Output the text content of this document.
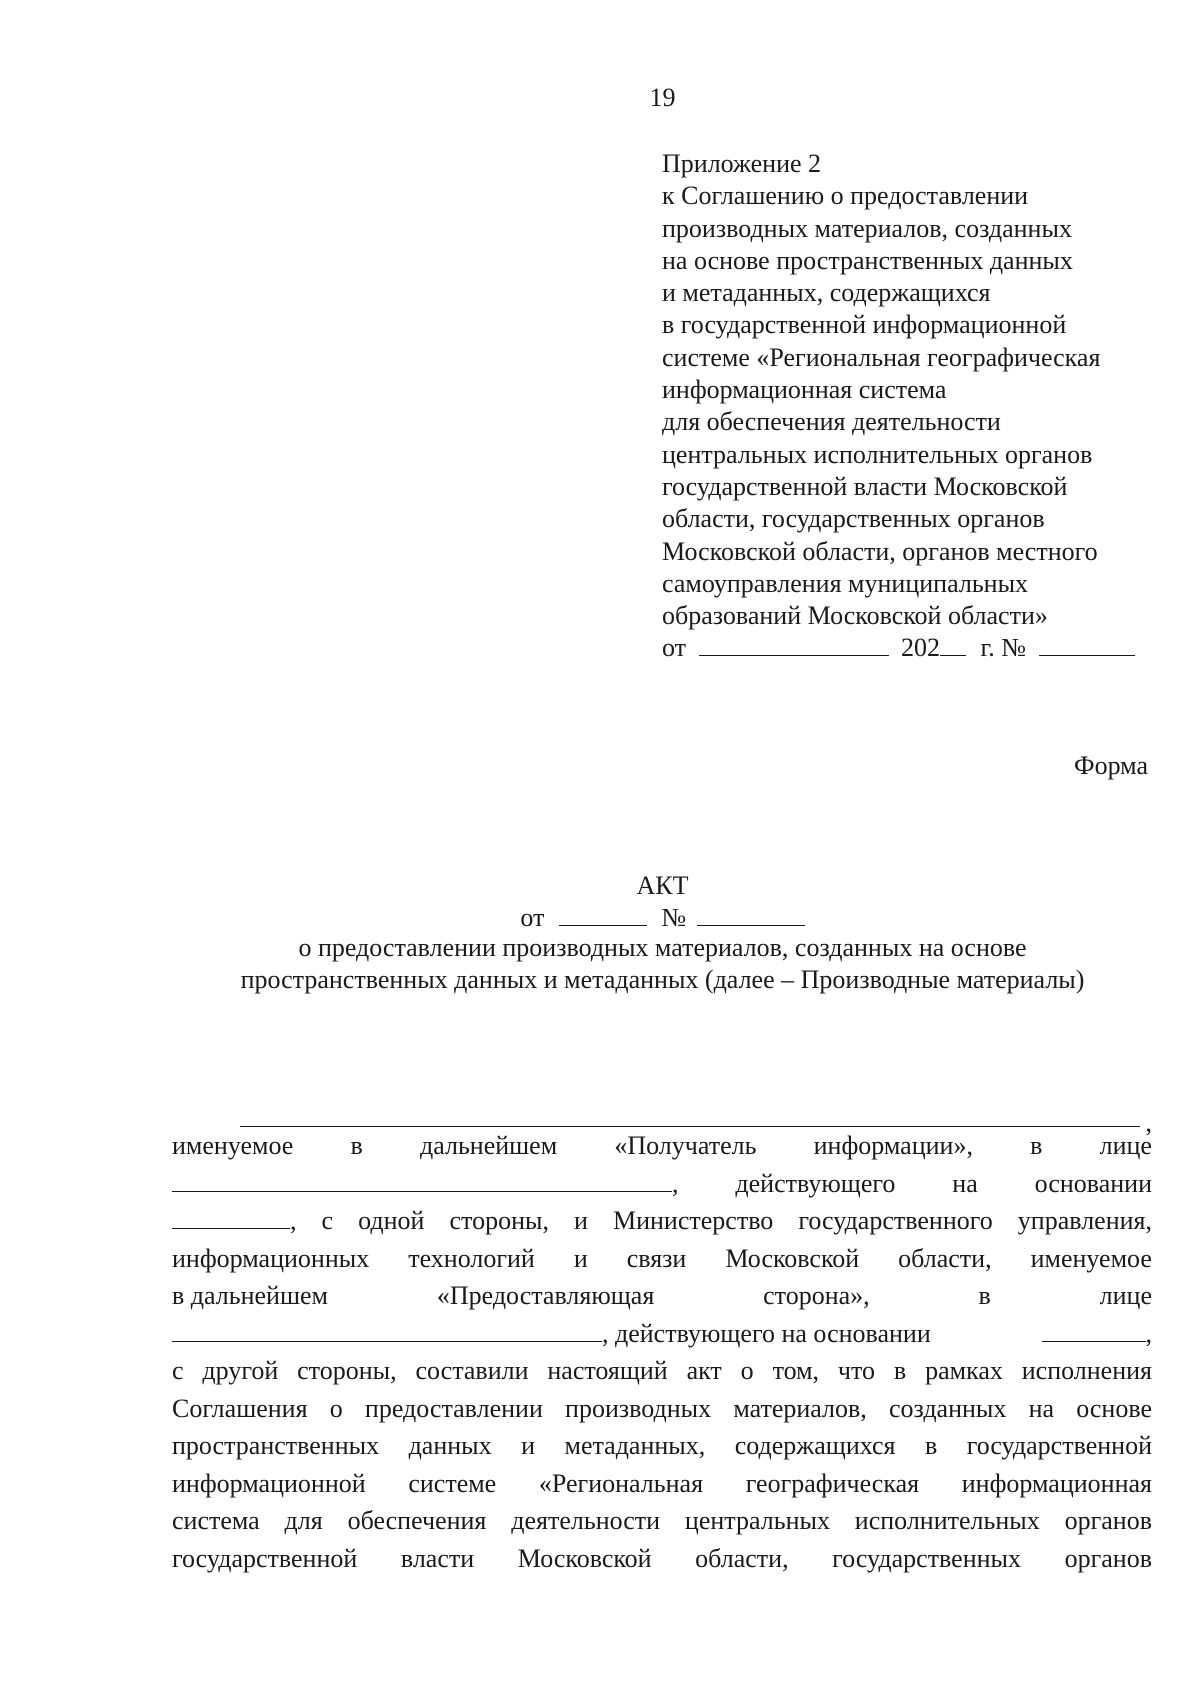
19
Приложение 2
к Соглашению о предоставлении
производных материалов, созданных
на основе пространственных данных
и метаданных, содержащихся
в государственной информационной
системе «Региональная географическая
информационная система
для обеспечения деятельности
центральных исполнительных органов
государственной власти Московской
области, государственных органов
Московской области, органов местного
самоуправления муниципальных
образований Московской области»
от	202 г. №
Форма
АКТ
от	№
о предоставлении производных материалов, созданных на основе
пространственных данных и метаданных (далее – Производные материалы)
,
именуемое в дальнейшем «Получатель информации», в лице
, действующего на основании
, с одной стороны, и Министерство государственного управления,
информационных технологий и связи Московской области, именуемое
в дальнейшем	«Предоставляющая	сторона»,	в	лице
, действующего на основании	,
с другой стороны, составили настоящий акт о том, что в рамках исполнения
Соглашения о предоставлении производных материалов, созданных на основе
пространственных данных и метаданных, содержащихся в государственной
информационной системе «Региональная географическая информационная
система для обеспечения деятельности центральных исполнительных органов
государственной власти Московской области, государственных органов
